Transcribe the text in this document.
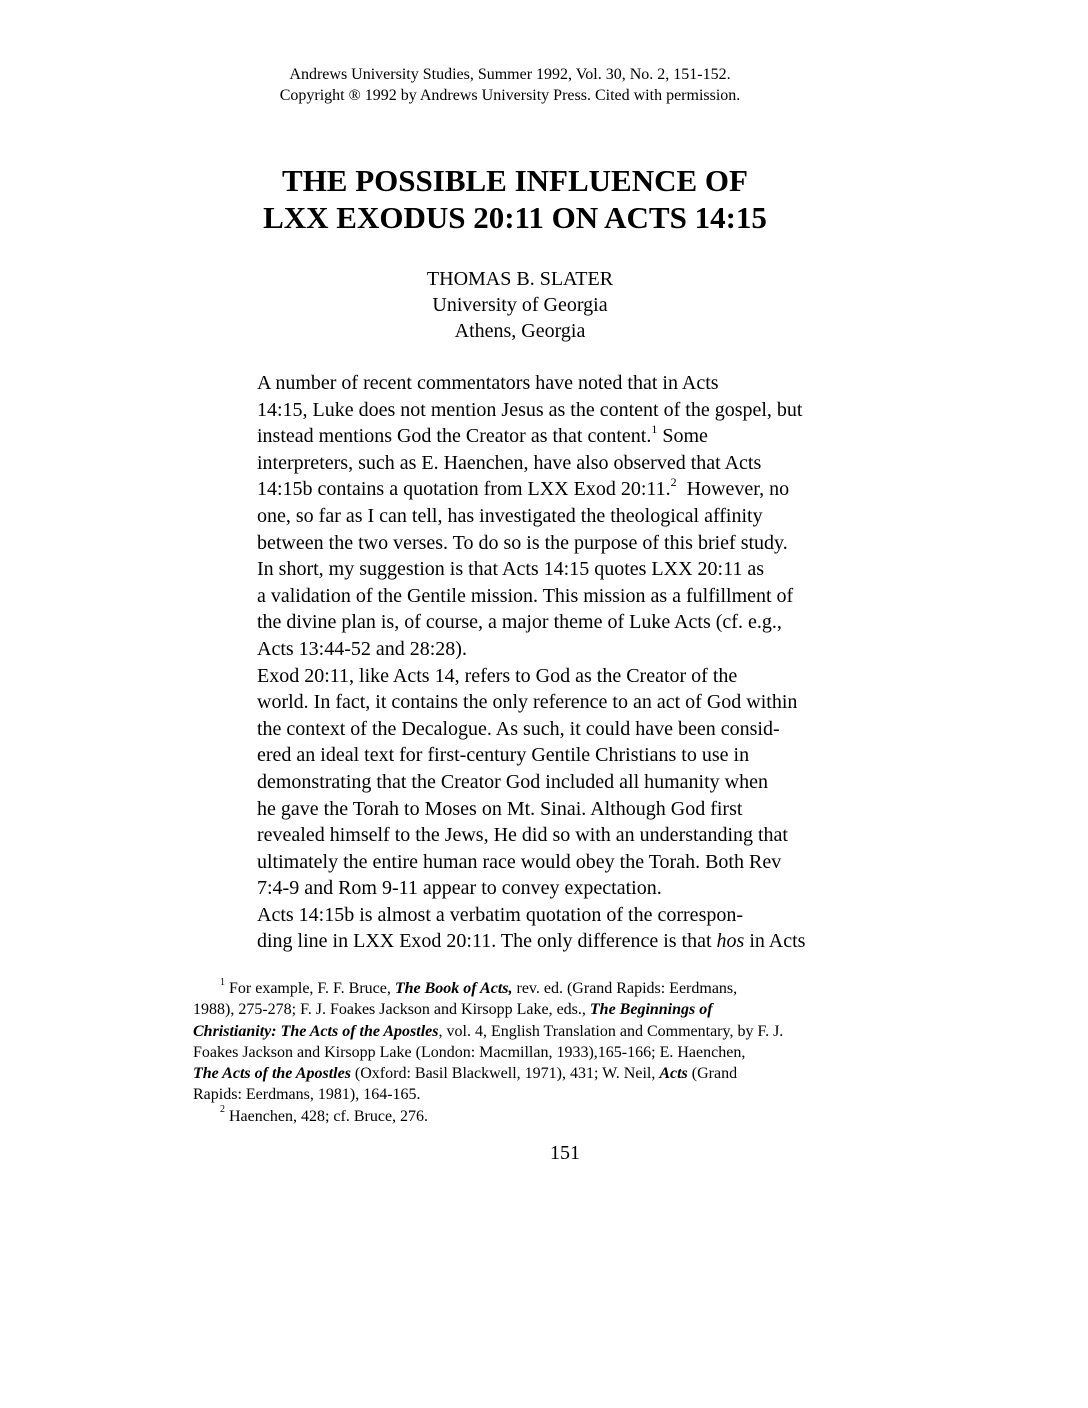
Andrews University Studies, Summer 1992, Vol. 30, No. 2, 151-152.
Copyright ® 1992 by Andrews University Press. Cited with permission.
THE POSSIBLE INFLUENCE OF
LXX EXODUS 20:11 ON ACTS 14:15
THOMAS B. SLATER
University of Georgia
Athens, Georgia

A number of recent commentators have noted that in Acts
14:15, Luke does not mention Jesus as the content of the gospel, but
instead mentions God the Creator as that content.$^1$ Some
interpreters, such as E. Haenchen, have also observed that Acts
14:15b contains a quotation from LXX Exod 20:11.$^2$  However, no
one, so far as I can tell, has investigated the theological affinity
between the two verses. To do so is the purpose of this brief study.

In short, my suggestion is that Acts 14:15 quotes LXX 20:11 as
a validation of the Gentile mission. This mission as a fulfillment of
the divine plan is, of course, a major theme of Luke Acts (cf. e.g.,
Acts 13:44-52 and 28:28).

Exod 20:11, like Acts 14, refers to God as the Creator of the
world. In fact, it contains the only reference to an act of God within
the context of the Decalogue. As such, it could have been consid-
ered an ideal text for first-century Gentile Christians to use in
demonstrating that the Creator God included all humanity when
he gave the Torah to Moses on Mt. Sinai. Although God first
revealed himself to the Jews, He did so with an understanding that
ultimately the entire human race would obey the Torah. Both Rev
7:4-9 and Rom 9-11 appear to convey expectation.

Acts 14:15b is almost a verbatim quotation of the correspon-
ding line in LXX Exod 20:11. The only difference is that hos in Acts

$^1$ For example, F. F. Bruce, The Book of Acts, rev. ed. (Grand Rapids: Eerdmans,
1988), 275-278; F. J. Foakes Jackson and Kirsopp Lake, eds., The Beginnings of
Christianity: The Acts of the Apostles, vol. 4, English Translation and Commentary, by F. J.
Foakes Jackson and Kirsopp Lake (London: Macmillan, 1933),165-166; E. Haenchen,
The Acts of the Apostles (Oxford: Basil Blackwell, 1971), 431; W. Neil, Acts (Grand
Rapids: Eerdmans, 1981), 164-165.
$^2$ Haenchen, 428; cf. Bruce, 276.
151
